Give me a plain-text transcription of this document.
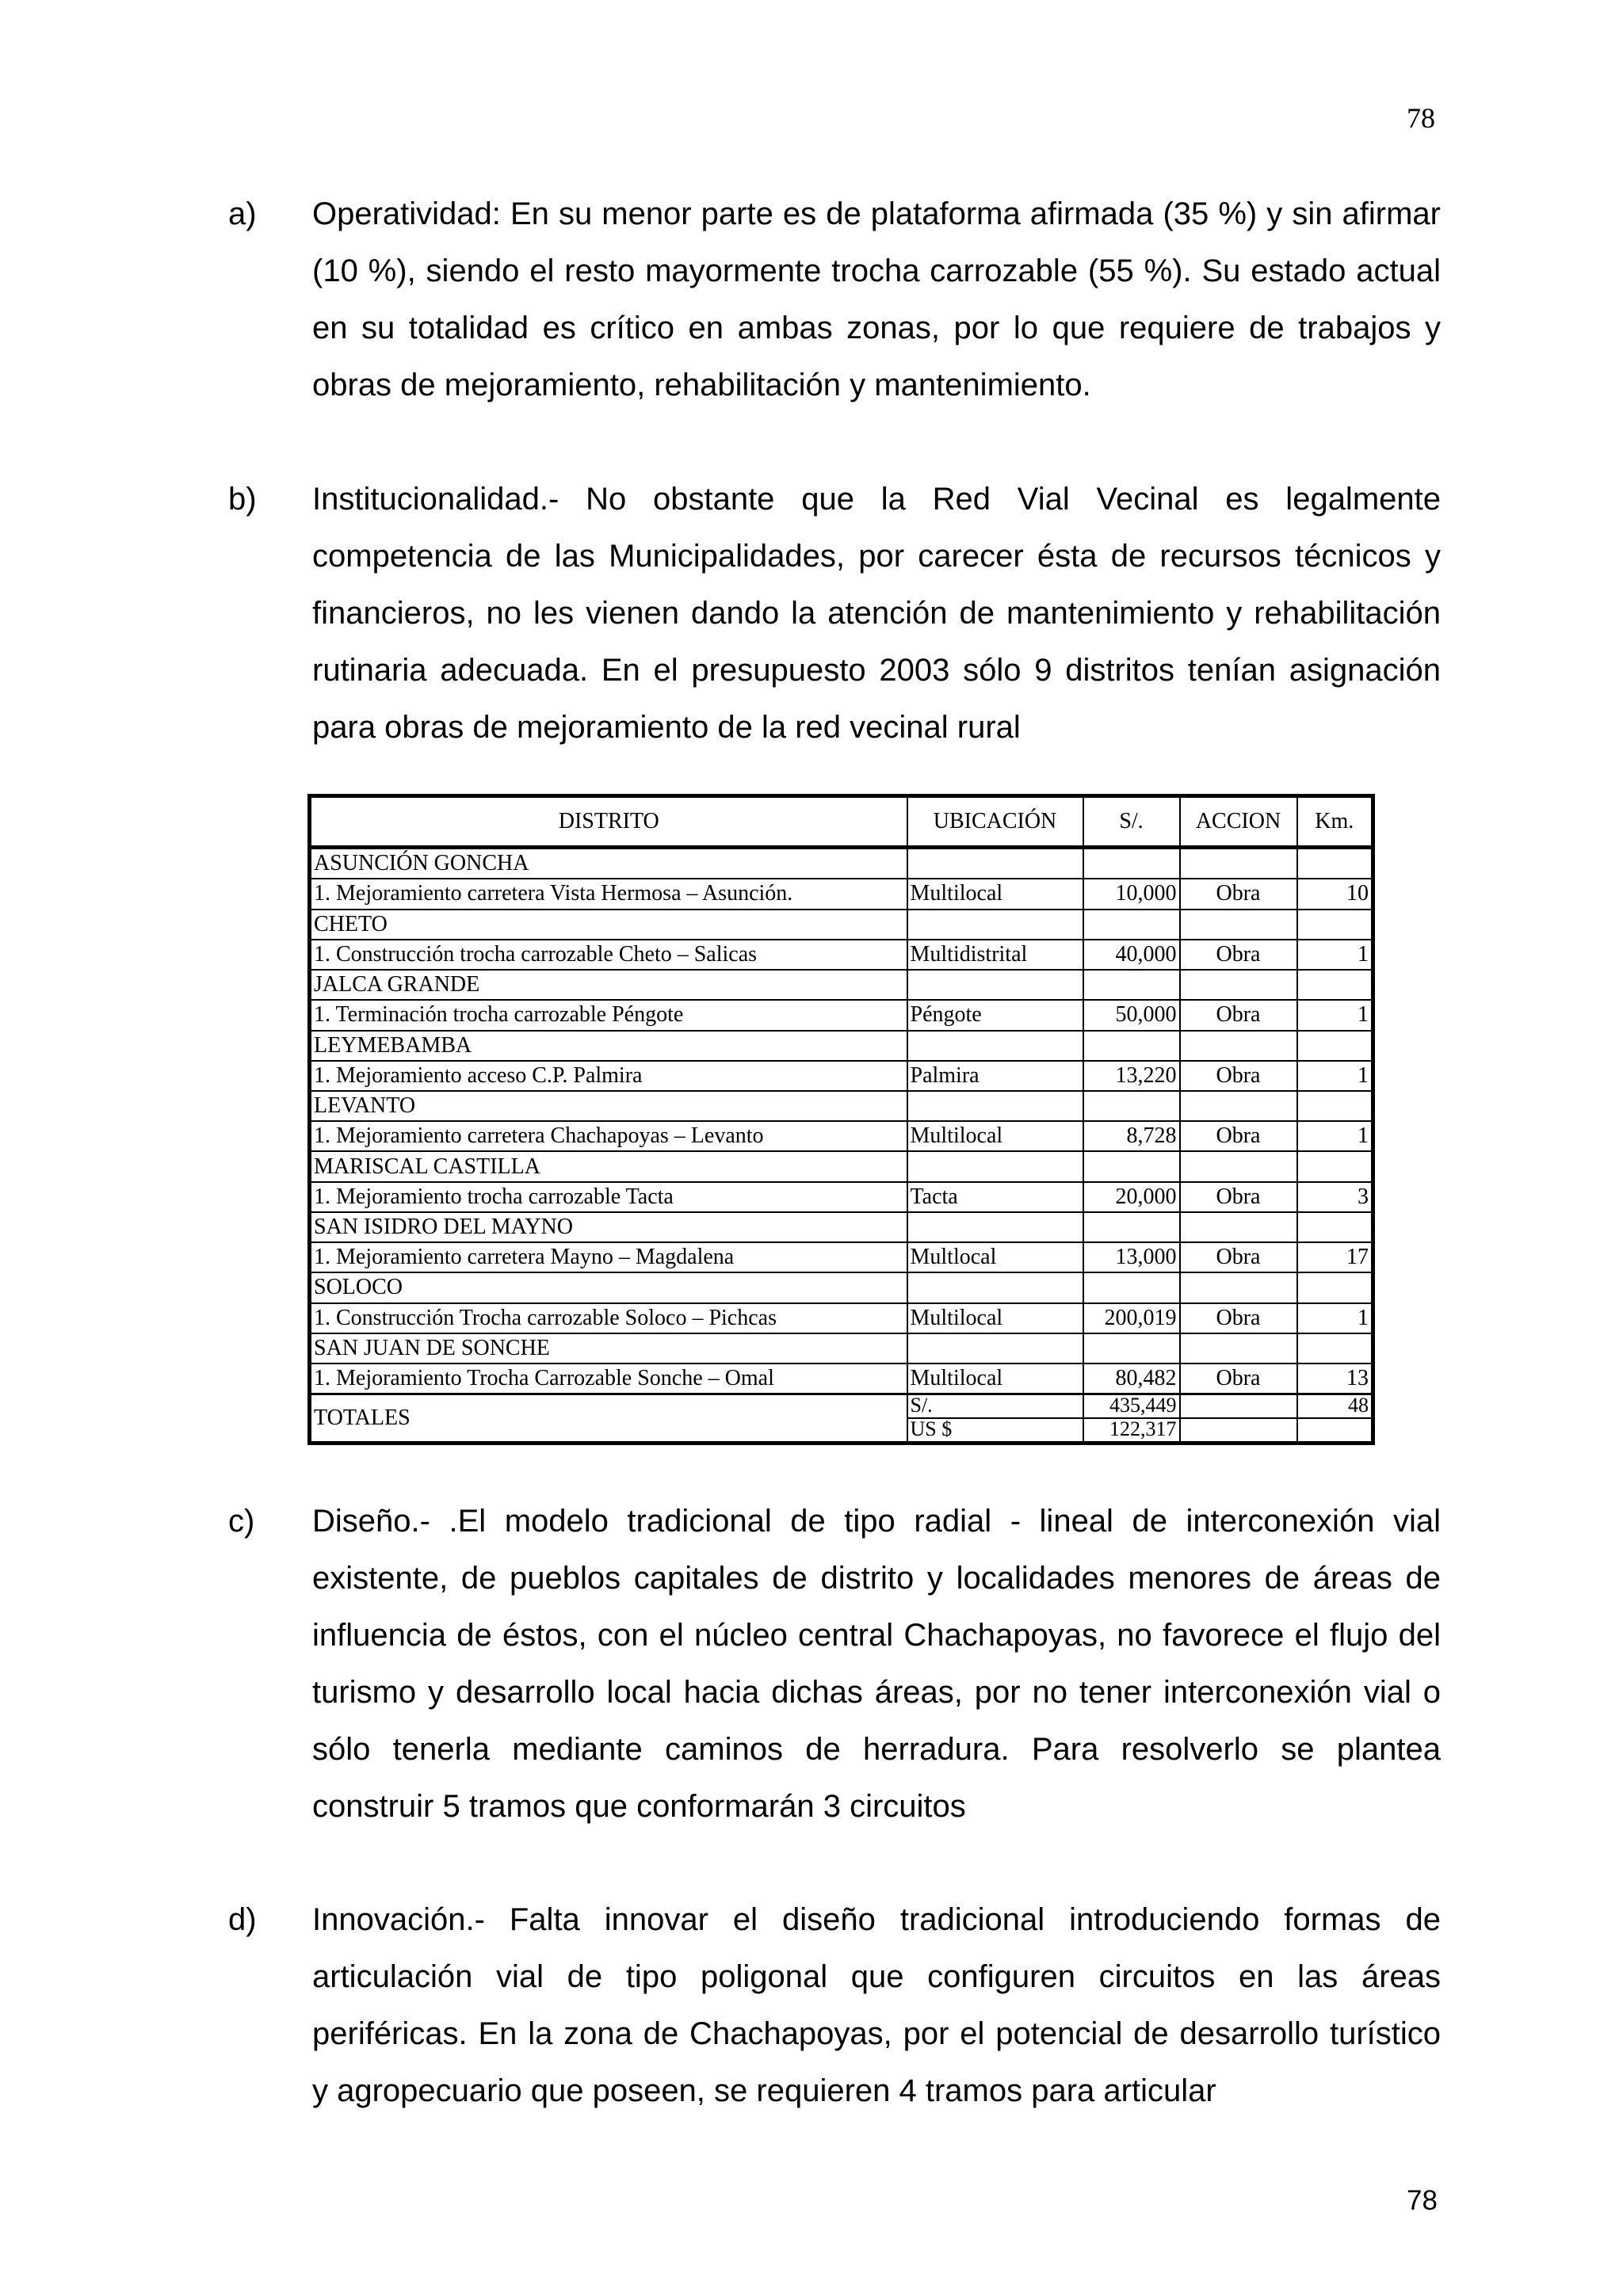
78
a) Operatividad: En su menor parte es de plataforma afirmada (35 %) y sin afirmar (10 %), siendo el resto mayormente trocha carrozable (55 %). Su estado actual en su totalidad es crítico en ambas zonas, por lo que requiere de trabajos y obras de mejoramiento, rehabilitación y mantenimiento.
b) Institucionalidad.- No obstante que la Red Vial Vecinal es legalmente competencia de las Municipalidades, por carecer ésta de recursos técnicos y financieros, no les vienen dando la atención de mantenimiento y rehabilitación rutinaria adecuada. En el presupuesto 2003 sólo 9 distritos tenían asignación para obras de mejoramiento de la red vecinal rural
DISTRITO	UBICACIÓN	S/.	ACCION	Km.
ASUNCIÓN GONCHA				
1. Mejoramiento carretera Vista Hermosa – Asunción.	Multilocal	10,000	Obra	10
CHETO				
1. Construcción trocha carrozable Cheto – Salicas	Multidistrital	40,000	Obra	1
JALCA GRANDE				
1. Terminación trocha carrozable Péngote	Péngote	50,000	Obra	1
LEYMEBAMBA				
1. Mejoramiento acceso C.P. Palmira	Palmira	13,220	Obra	1
LEVANTO				
1. Mejoramiento carretera Chachapoyas – Levanto	Multilocal	8,728	Obra	1
MARISCAL CASTILLA				
1. Mejoramiento trocha carrozable Tacta	Tacta	20,000	Obra	3
SAN ISIDRO DEL MAYNO				
1. Mejoramiento carretera Mayno – Magdalena	Multlocal	13,000	Obra	17
SOLOCO				
1. Construcción Trocha carrozable Soloco – Pichcas	Multilocal	200,019	Obra	1
SAN JUAN DE SONCHE				
1. Mejoramiento Trocha Carrozable Sonche – Omal	Multilocal	80,482	Obra	13
TOTALES	S/.	435,449		48
	US $	122,317		
c) Diseño.- .El modelo tradicional de tipo radial - lineal de interconexión vial existente, de pueblos capitales de distrito y localidades menores de áreas de influencia de éstos, con el núcleo central Chachapoyas, no favorece el flujo del turismo y desarrollo local hacia dichas áreas, por no tener interconexión vial o sólo tenerla mediante caminos de herradura. Para resolverlo se plantea construir 5 tramos que conformarán 3 circuitos
d) Innovación.- Falta innovar el diseño tradicional introduciendo formas de articulación vial de tipo poligonal que configuren circuitos en las áreas periféricas. En la zona de Chachapoyas, por el potencial de desarrollo turístico y agropecuario que poseen, se requieren 4 tramos para articular
78
